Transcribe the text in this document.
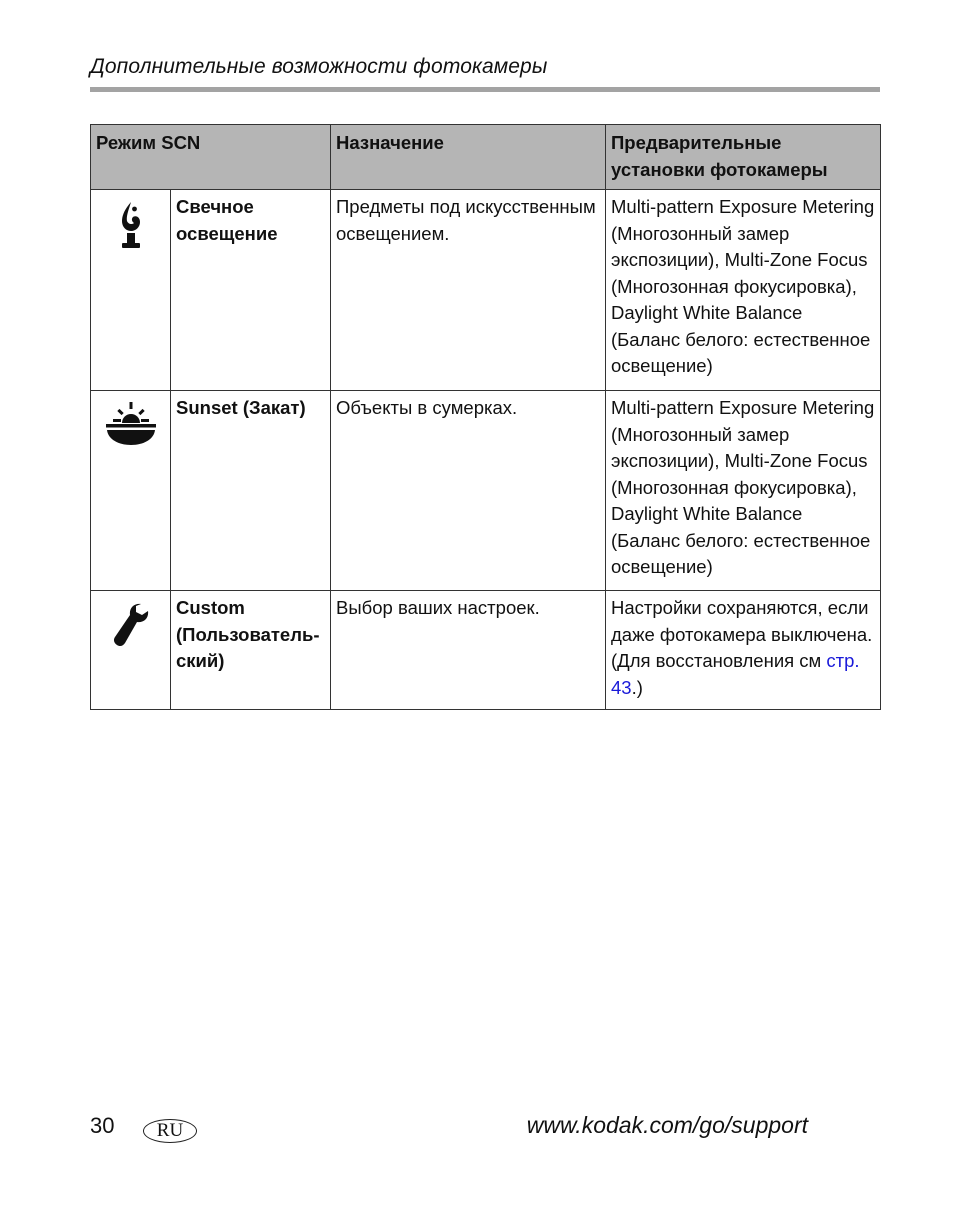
Дополнительные возможности фотокамеры
Режим SCN		Назначение	Предварительные установки фотокамеры
	Свечное освещение	Предметы под искусственным освещением.	Multi-pattern Exposure Metering (Многозонный замер экспозиции), Multi-Zone Focus (Многозонная фокусировка), Daylight White Balance (Баланс белого: естественное освещение)
	Sunset (Закат)	Объекты в сумерках.	Multi-pattern Exposure Metering (Многозонный замер экспозиции), Multi-Zone Focus (Многозонная фокусировка), Daylight White Balance (Баланс белого: естественное освещение)
	Custom (Пользователь-ский)	Выбор ваших настроек.	Настройки сохраняются, если даже фотокамера выключена. (Для восстановления см стр. 43.)
30	RU	www.kodak.com/go/support
